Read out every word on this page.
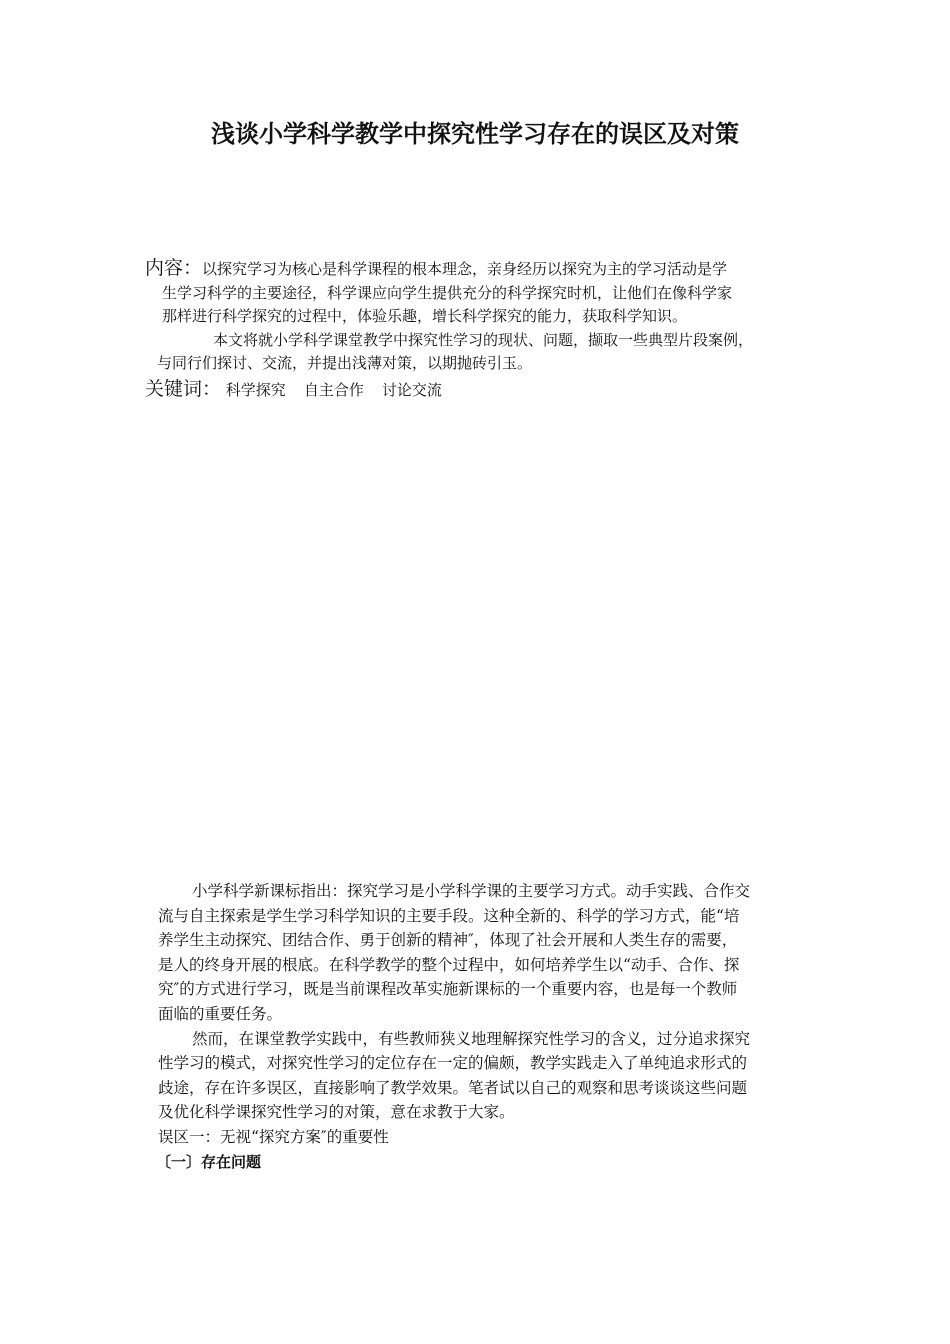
浅谈小学科学教学中探究性学习存在的误区及对策
内容：以探究学习为核心是科学课程的根本理念，亲身经历以探究为主的学习活动是学
生学习科学的主要途径，科学课应向学生提供充分的科学探究时机，让他们在像科学家
那样进行科学探究的过程中，体验乐趣，增长科学探究的能力，获取科学知识。
本文将就小学科学课堂教学中探究性学习的现状、问题，撷取一些典型片段案例，
与同行们探讨、交流，并提出浅薄对策，以期抛砖引玉。
关键词： 科学探究 自主合作 讨论交流
小学科学新课标指出：探究学习是小学科学课的主要学习方式。动手实践、合作交
流与自主探索是学生学习科学知识的主要手段。这种全新的、科学的学习方式，能“培
养学生主动探究、团结合作、勇于创新的精神″，体现了社会开展和人类生存的需要，
是人的终身开展的根底。在科学教学的整个过程中，如何培养学生以“动手、合作、探
究″的方式进行学习，既是当前课程改革实施新课标的一个重要内容，也是每一个教师
面临的重要任务。
然而，在课堂教学实践中，有些教师狭义地理解探究性学习的含义，过分追求探究
性学习的模式，对探究性学习的定位存在一定的偏颇，教学实践走入了单纯追求形式的
歧途，存在许多误区，直接影响了教学效果。笔者试以自己的观察和思考谈谈这些问题
及优化科学课探究性学习的对策，意在求教于大家。
误区一：无视“探究方案″的重要性
〔一〕存在问题
